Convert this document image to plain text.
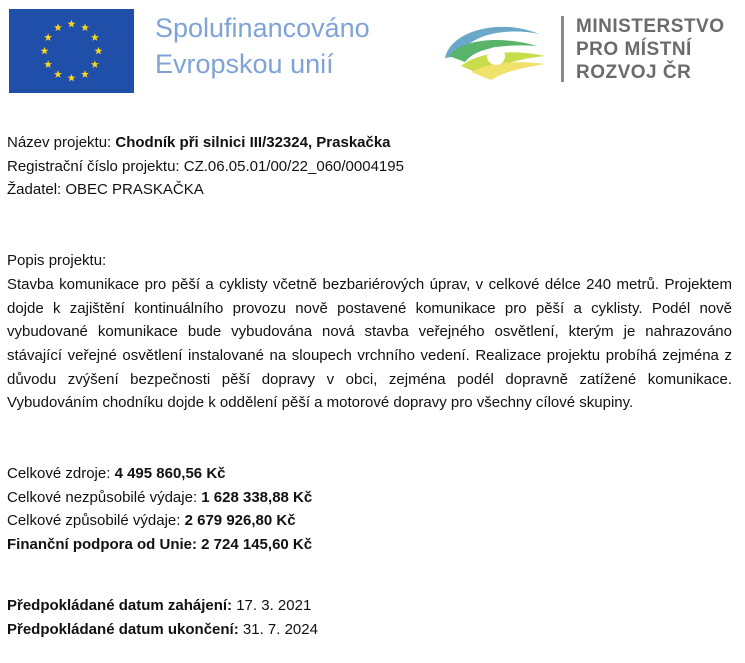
Spolufinancováno
Evropskou unií
MINISTERSTVO
PRO MÍSTNÍ
ROZVOJ ČR
Název projektu: Chodník při silnici III/32324, Praskačka
Registrační číslo projektu: CZ.06.05.01/00/22_060/0004195
Žadatel: OBEC PRASKAČKA
Popis projektu:

Stavba komunikace pro pěší a cyklisty včetně bezbariérových úprav, v celkové délce 240 metrů. Projektem dojde k zajištění kontinuálního provozu nově postavené komunikace pro pěší a cyklisty. Podél nově vybudované komunikace bude vybudována nová stavba veřejného osvětlení, kterým je nahrazováno stávající veřejné osvětlení instalované na sloupech vrchního vedení. Realizace projektu probíhá zejména z důvodu zvýšení bezpečnosti pěší dopravy v obci, zejména podél dopravně zatížené komunikace. Vybudováním chodníku dojde k oddělení pěší a motorové dopravy pro všechny cílové skupiny.

Celkové zdroje: 4 495 860,56 Kč
Celkové nezpůsobilé výdaje: 1 628 338,88 Kč
Celkové způsobilé výdaje: 2 679 926,80 Kč
Finanční podpora od Unie: 2 724 145,60 Kč
Předpokládané datum zahájení: 17. 3. 2021
Předpokládané datum ukončení: 31. 7. 2024
